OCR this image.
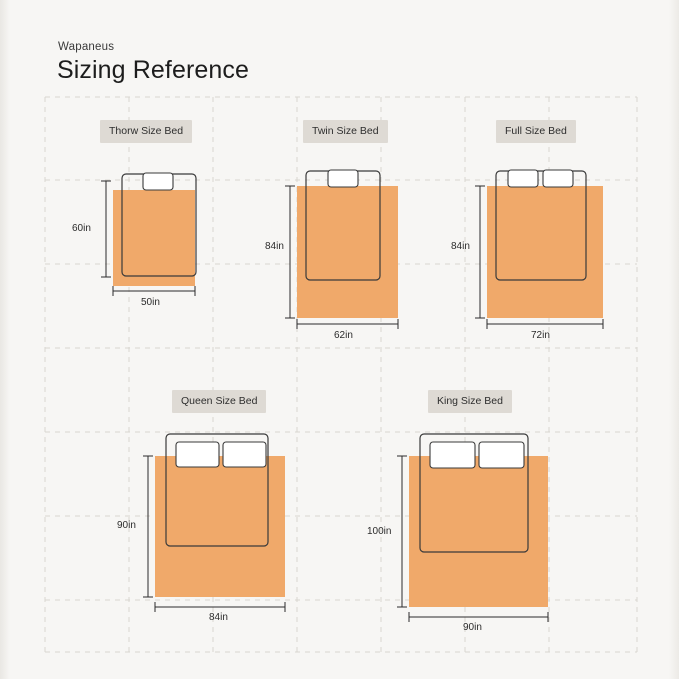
Wapaneus
Sizing Reference
Thorw Size Bed	Twin Size Bed	Full Size Bed
Queen Size Bed	King Size Bed
60in
50in
84in
62in
84in
72in
90in
84in
100in
90in
